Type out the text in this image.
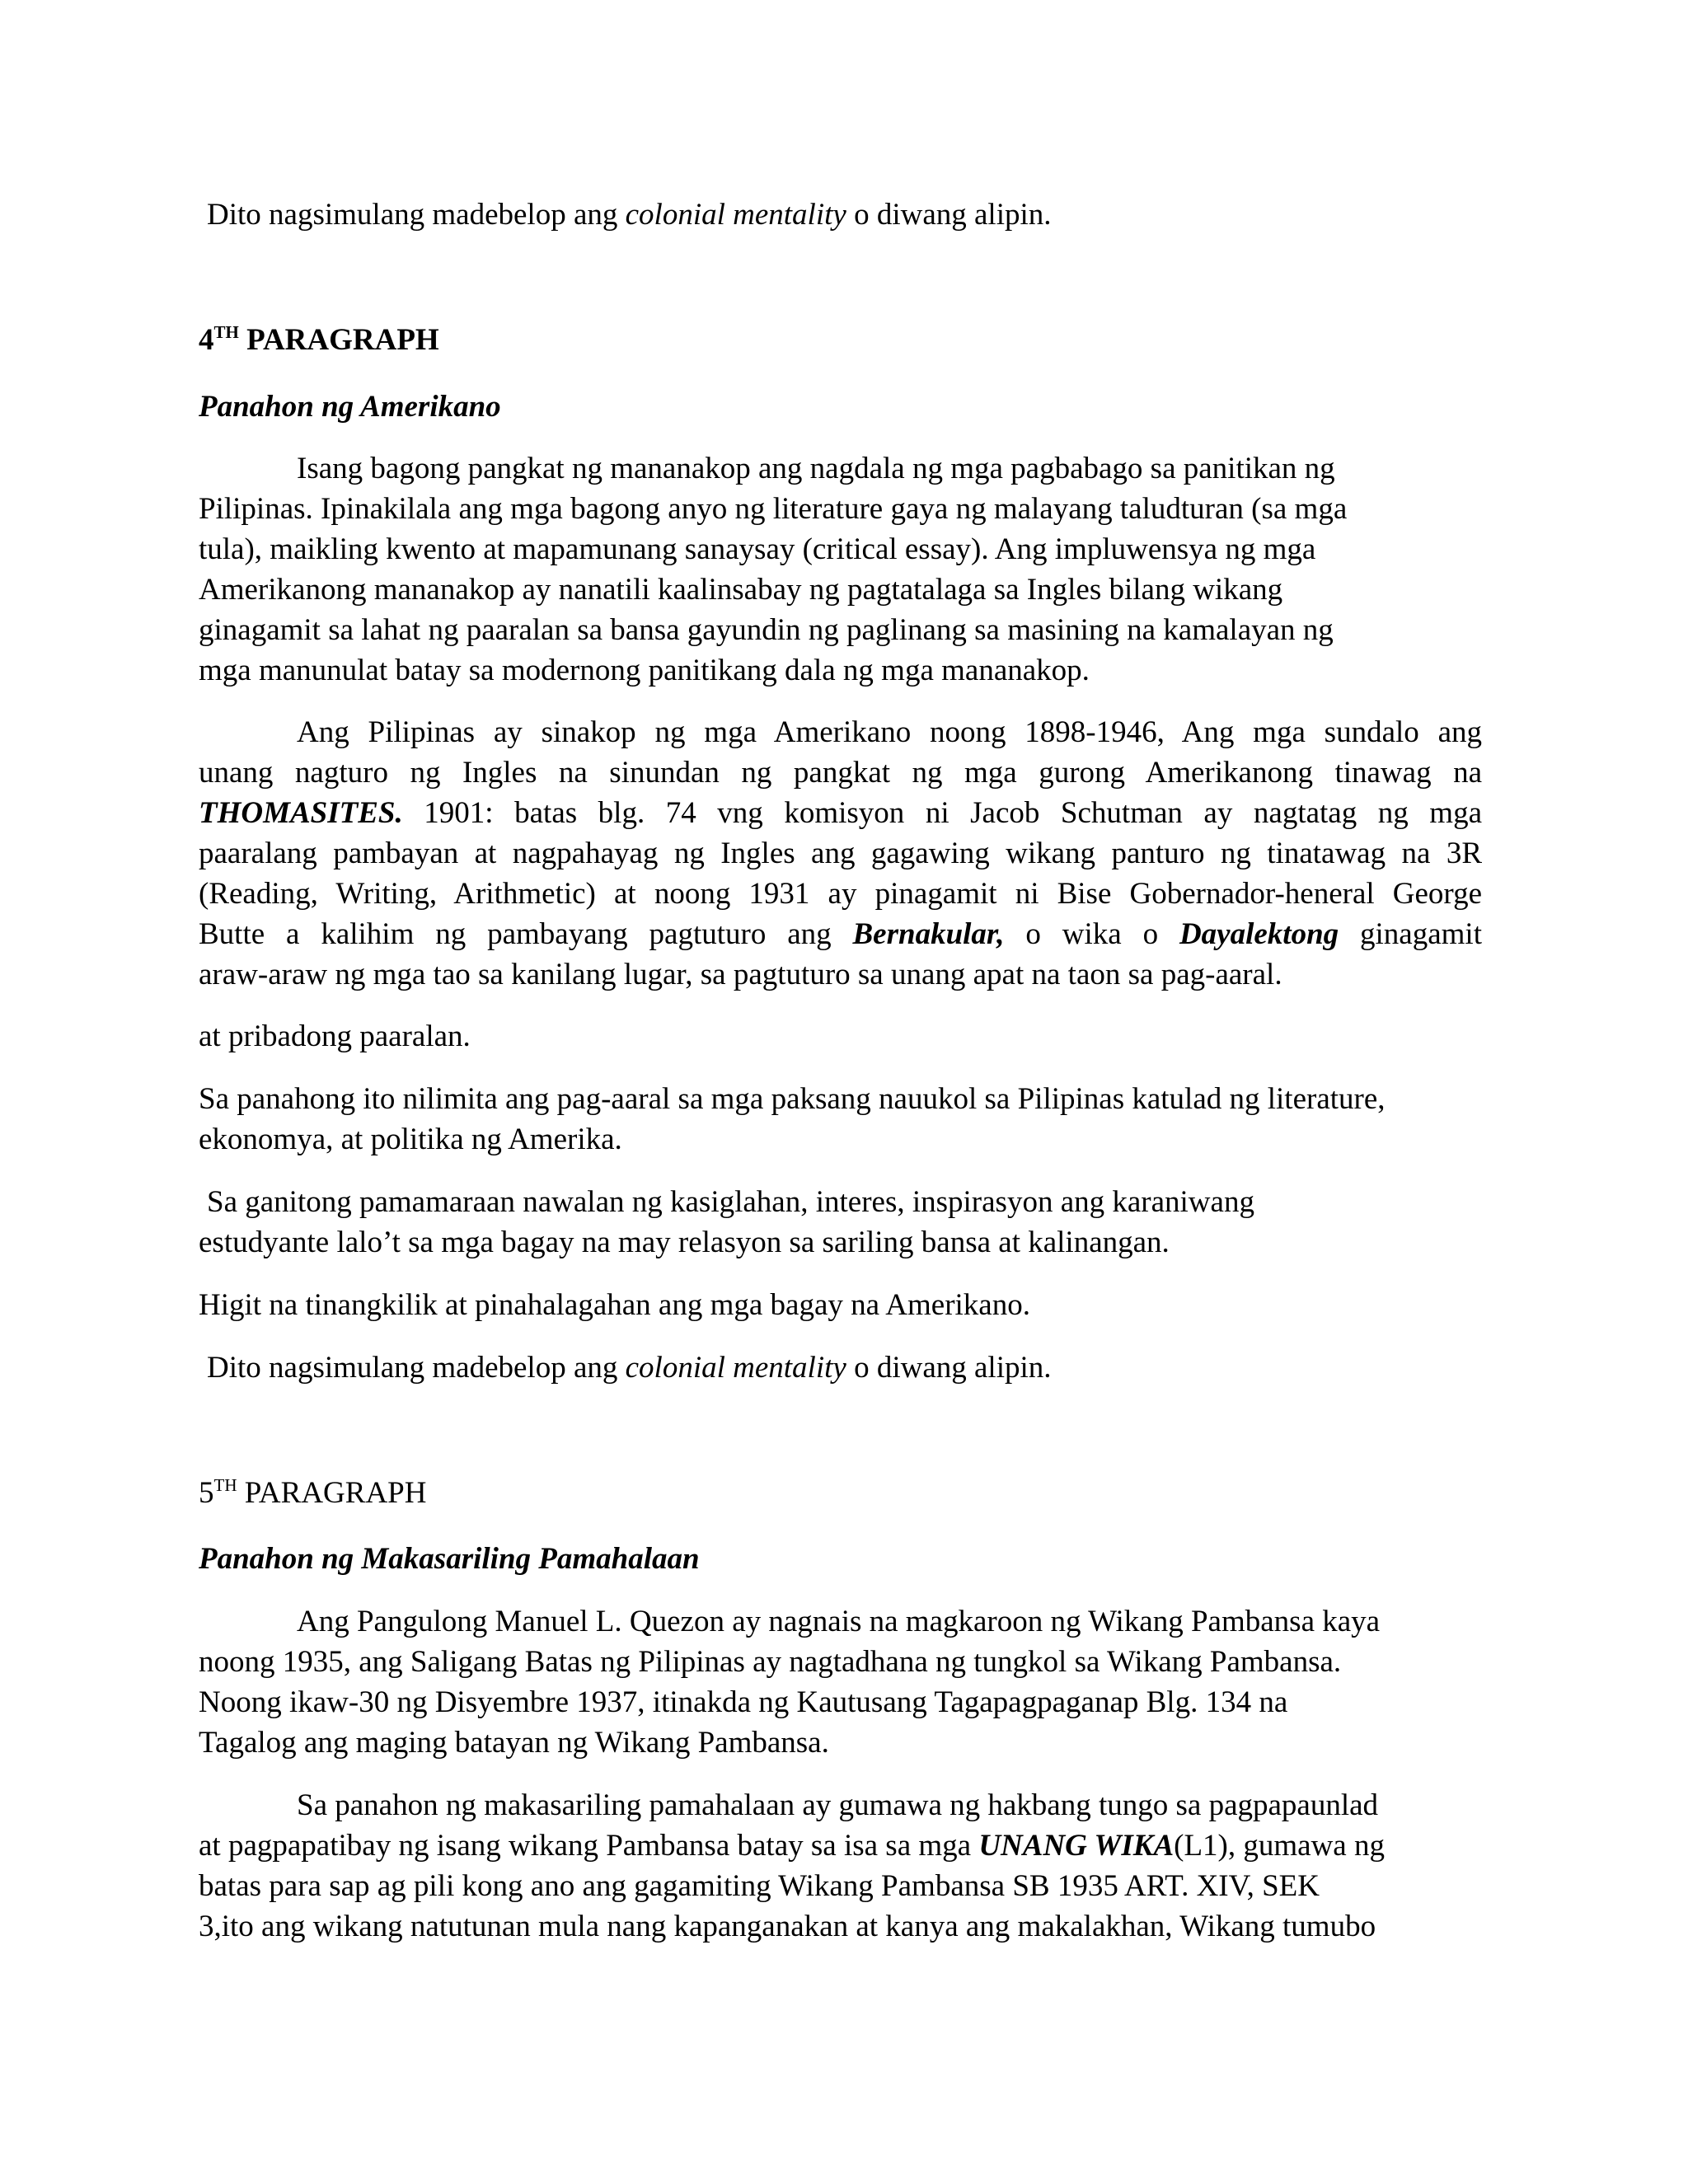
Dito nagsimulang madebelop ang colonial mentality o diwang alipin.
4TH PARAGRAPH
Panahon ng Amerikano
Isang bagong pangkat ng mananakop ang nagdala ng mga pagbabago sa panitikan ng
Pilipinas. Ipinakilala ang mga bagong anyo ng literature gaya ng malayang taludturan (sa mga
tula), maikling kwento at mapamunang sanaysay (critical essay). Ang impluwensya ng mga
Amerikanong mananakop ay nanatili kaalinsabay ng pagtatalaga sa Ingles bilang wikang
ginagamit sa lahat ng paaralan sa bansa gayundin ng paglinang sa masining na kamalayan ng
mga manunulat batay sa modernong panitikang dala ng mga mananakop.
Ang Pilipinas ay sinakop ng mga Amerikano noong 1898-1946, Ang mga sundalo ang
unang nagturo ng Ingles na sinundan ng pangkat ng mga gurong Amerikanong tinawag na
THOMASITES. 1901: batas blg. 74 vng komisyon ni Jacob Schutman ay nagtatag ng mga
paaralang pambayan at nagpahayag ng Ingles ang gagawing wikang panturo ng tinatawag na 3R
(Reading, Writing, Arithmetic) at noong 1931 ay pinagamit ni Bise Gobernador-heneral George
Butte a kalihim ng pambayang pagtuturo ang Bernakular, o wika o Dayalektong ginagamit
araw-araw ng mga tao sa kanilang lugar, sa pagtuturo sa unang apat na taon sa pag-aaral.
at pribadong paaralan.
Sa panahong ito nilimita ang pag-aaral sa mga paksang nauukol sa Pilipinas katulad ng literature,
ekonomya, at politika ng Amerika.
Sa ganitong pamamaraan nawalan ng kasiglahan, interes, inspirasyon ang karaniwang
estudyante lalo’t sa mga bagay na may relasyon sa sariling bansa at kalinangan.
Higit na tinangkilik at pinahalagahan ang mga bagay na Amerikano.
Dito nagsimulang madebelop ang colonial mentality o diwang alipin.
5TH PARAGRAPH
Panahon ng Makasariling Pamahalaan
Ang Pangulong Manuel L. Quezon ay nagnais na magkaroon ng Wikang Pambansa kaya
noong 1935, ang Saligang Batas ng Pilipinas ay nagtadhana ng tungkol sa Wikang Pambansa.
Noong ikaw-30 ng Disyembre 1937, itinakda ng Kautusang Tagapagpaganap Blg. 134 na
Tagalog ang maging batayan ng Wikang Pambansa.
Sa panahon ng makasariling pamahalaan ay gumawa ng hakbang tungo sa pagpapaunlad
at pagpapatibay ng isang wikang Pambansa batay sa isa sa mga UNANG WIKA(L1), gumawa ng
batas para sap ag pili kong ano ang gagamiting Wikang Pambansa SB 1935 ART. XIV, SEK
3,ito ang wikang natutunan mula nang kapanganakan at kanya ang makalakhan, Wikang tumubo
